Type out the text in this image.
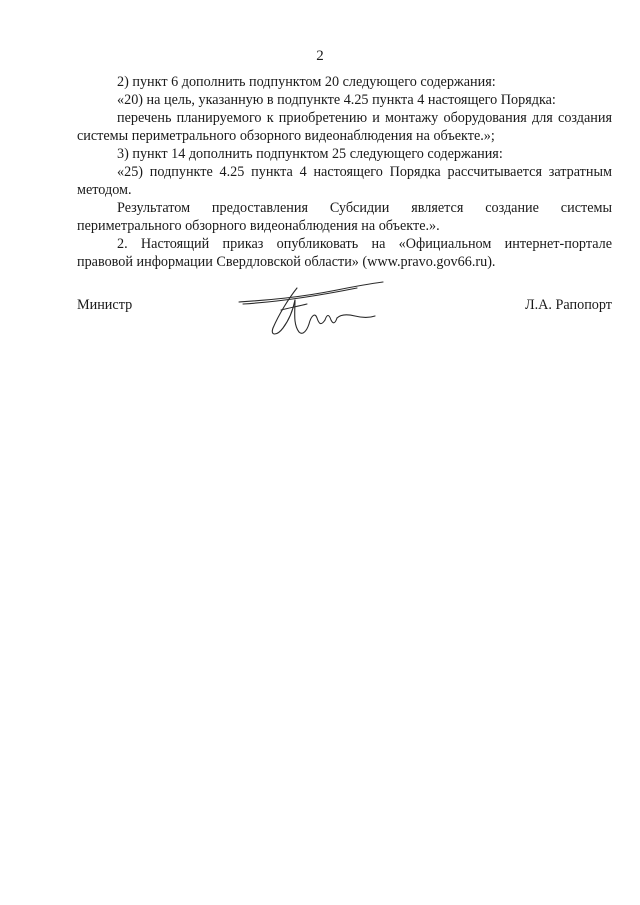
2

2) пункт 6 дополнить подпунктом 20 следующего содержания:

«20) на цель, указанную в подпункте 4.25 пункта 4 настоящего Порядка:

перечень планируемого к приобретению и монтажу оборудования для создания системы периметрального обзорного видеонаблюдения на объекте.»;

3) пункт 14 дополнить подпунктом 25 следующего содержания:

«25) подпункте 4.25 пункта 4 настоящего Порядка рассчитывается затратным методом.

Результатом предоставления Субсидии является создание системы периметрального обзорного видеонаблюдения на объекте.».

2. Настоящий приказ опубликовать на «Официальном интернет-портале правовой информации Свердловской области» (www.pravo.gov66.ru).

Министр	Л.А. Рапопорт
